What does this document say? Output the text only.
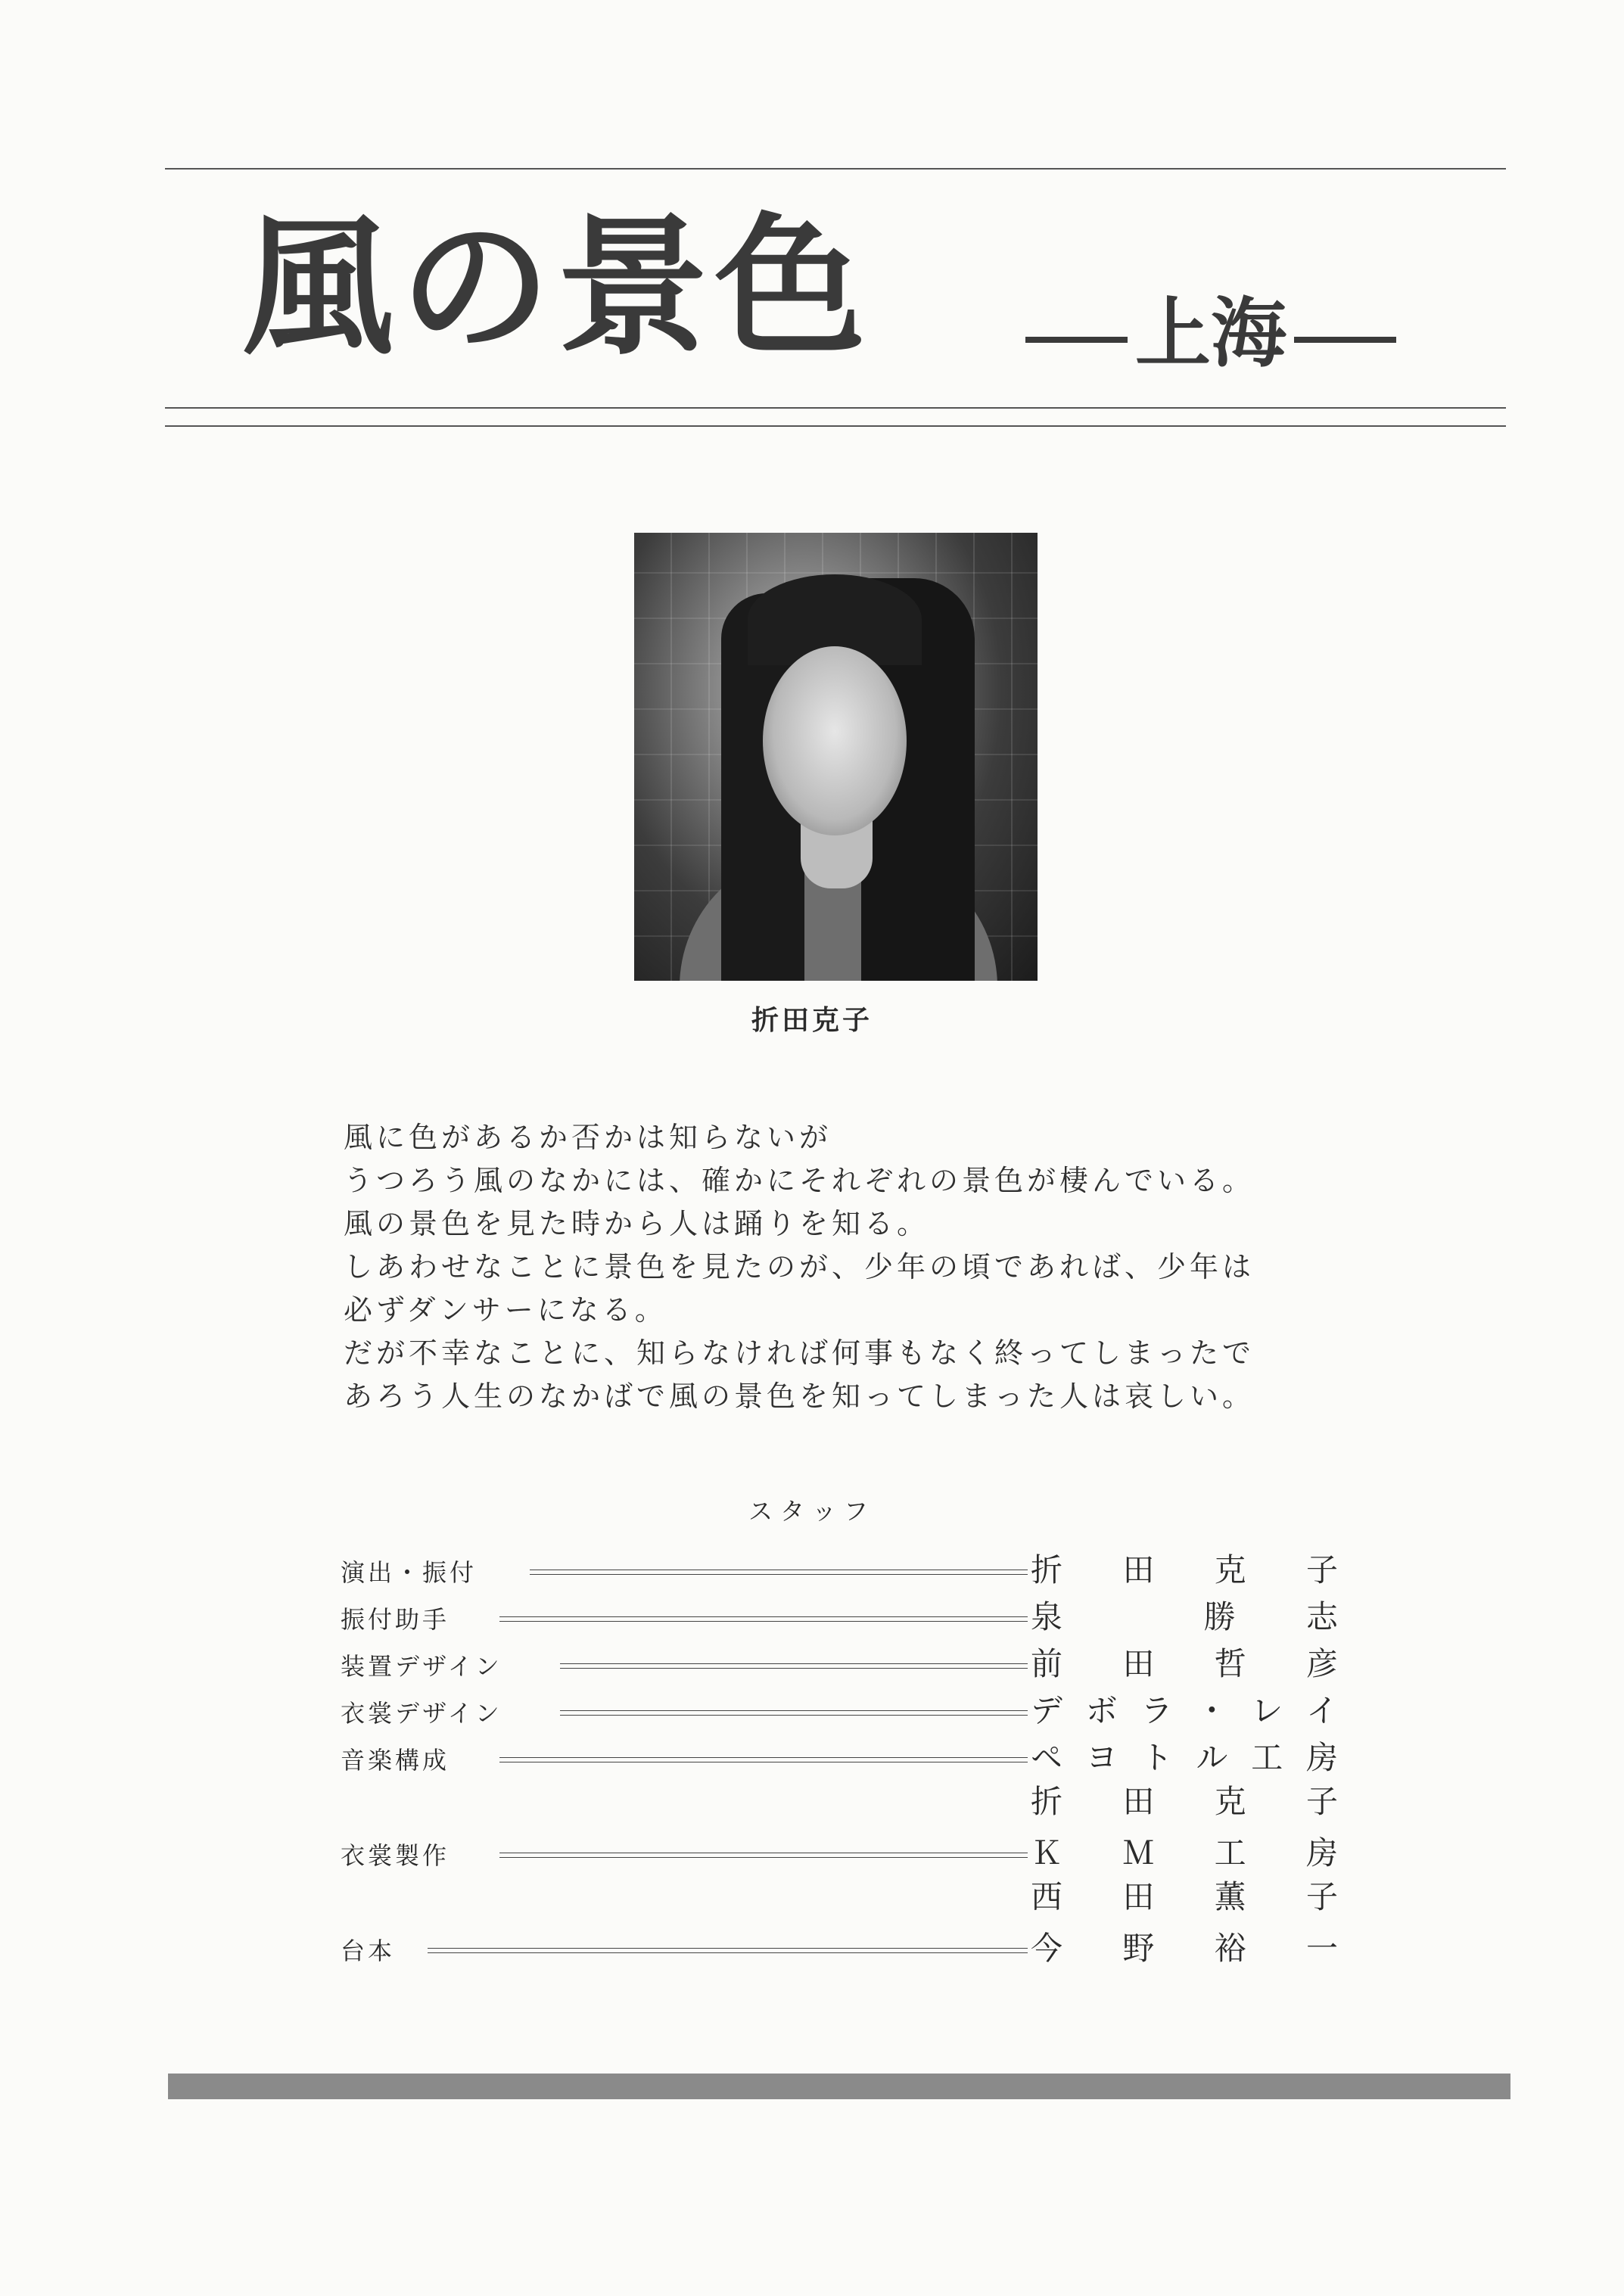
風の景色	上海
折田克子
風に色があるか否かは知らないが
うつろう風のなかには、確かにそれぞれの景色が棲んでいる。
風の景色を見た時から人は踊りを知る。
しあわせなことに景色を見たのが、少年の頃であれば、少年は
必ずダンサーになる。
だが不幸なことに、知らなければ何事もなく終ってしまったで
あろう人生のなかばで風の景色を知ってしまった人は哀しい。
スタッフ
演出・振付	折 田 克 子
振付助手	泉	勝 志
装置デザイン	前 田 哲 彦
衣裳デザイン	デ ボ ラ ・ レ イ
音楽構成	ペ ヨ ト ル 工 房
折 田 克 子
衣裳製作	Ｋ Ｍ 工 房
西 田 薫 子
台本	今 野 裕 一
